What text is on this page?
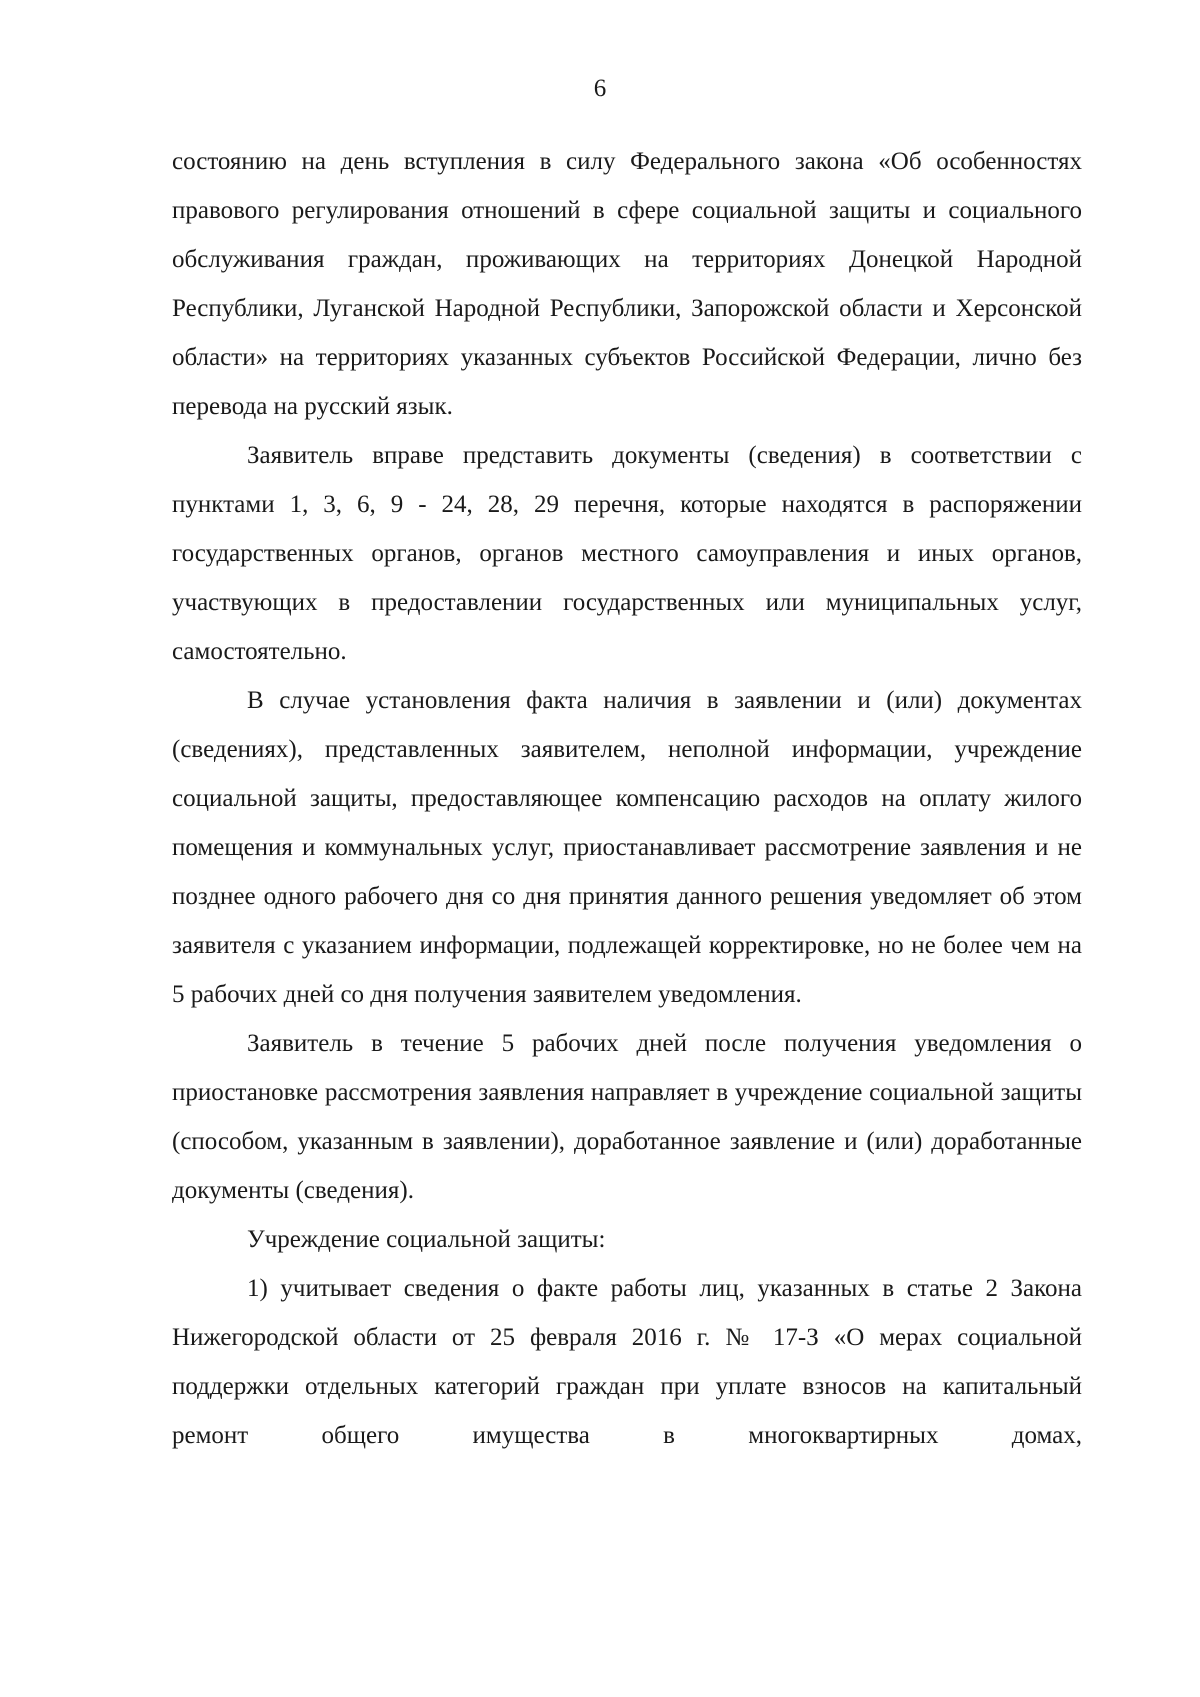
6

состоянию на день вступления в силу Федерального закона «Об особенностях правового регулирования отношений в сфере социальной защиты и социального обслуживания граждан, проживающих на территориях Донецкой Народной Республики, Луганской Народной Республики, Запорожской области и Херсонской области» на территориях указанных субъектов Российской Федерации, лично без перевода на русский язык.

Заявитель вправе представить документы (сведения) в соответствии с пунктами 1, 3, 6, 9 - 24, 28, 29 перечня, которые находятся в распоряжении государственных органов, органов местного самоуправления и иных органов, участвующих в предоставлении государственных или муниципальных услуг, самостоятельно.

В случае установления факта наличия в заявлении и (или) документах (сведениях), представленных заявителем, неполной информации, учреждение социальной защиты, предоставляющее компенсацию расходов на оплату жилого помещения и коммунальных услуг, приостанавливает рассмотрение заявления и не позднее одного рабочего дня со дня принятия данного решения уведомляет об этом заявителя с указанием информации, подлежащей корректировке, но не более чем на 5 рабочих дней со дня получения заявителем уведомления.

Заявитель в течение 5 рабочих дней после получения уведомления о приостановке рассмотрения заявления направляет в учреждение социальной защиты (способом, указанным в заявлении), доработанное заявление и (или) доработанные документы (сведения).

Учреждение социальной защиты:

1) учитывает сведения о факте работы лиц, указанных в статье 2 Закона Нижегородской области от 25 февраля 2016 г. № 17-З «О мерах социальной поддержки отдельных категорий граждан при уплате взносов на капитальный ремонт общего имущества в многоквартирных домах,
